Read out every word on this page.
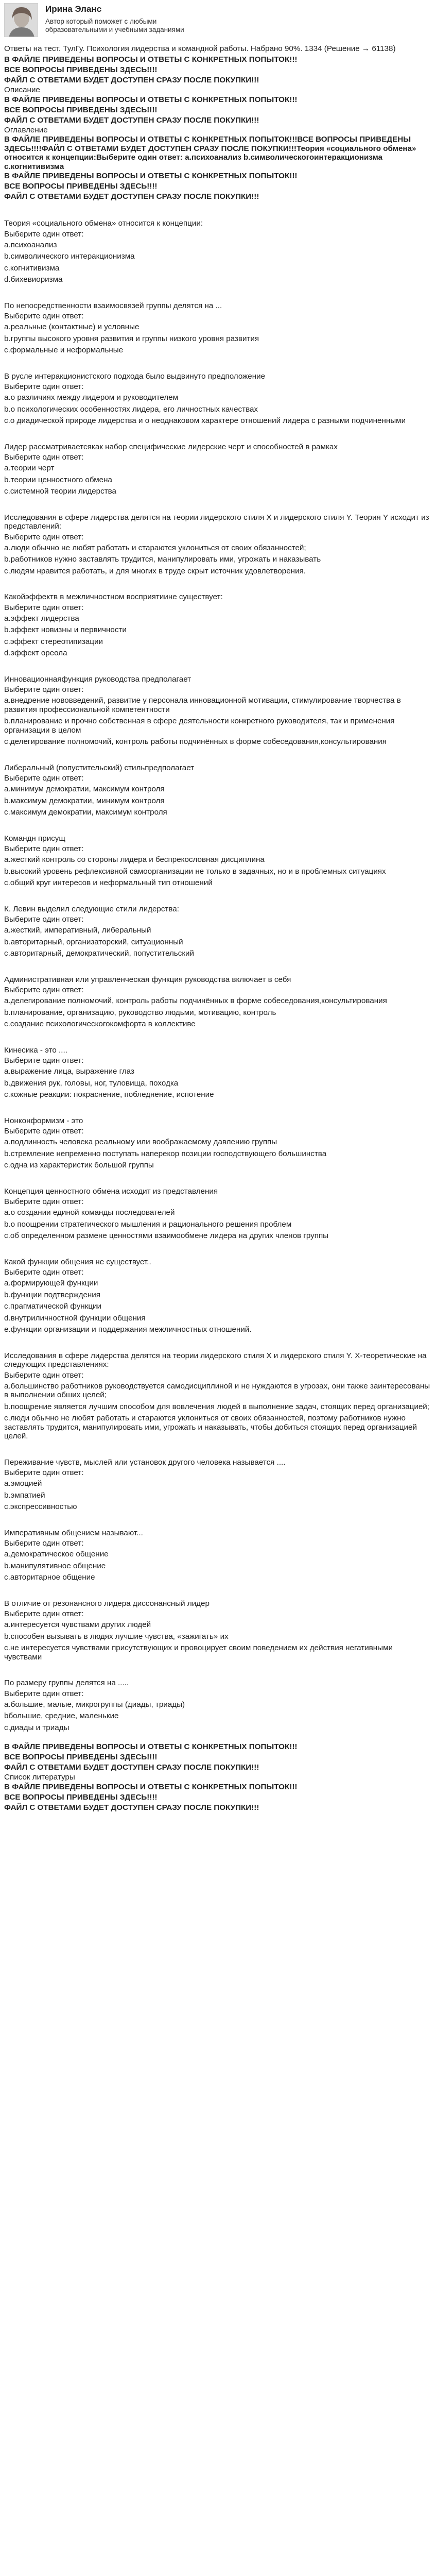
Ирина Эланс
Автор который поможет с любыми образовательными и учебными заданиями
Ответы на тест. ТулГу. Психология лидерства и командной работы. Набрано 90%. 1334 (Решение → 61138)
В ФАЙЛЕ ПРИВЕДЕНЫ ВОПРОСЫ И ОТВЕТЫ С КОНКРЕТНЫХ ПОПЫТОК!!!
ВСЕ ВОПРОСЫ ПРИВЕДЕНЫ ЗДЕСЬ!!!!
ФАЙЛ С ОТВЕТАМИ БУДЕТ ДОСТУПЕН СРАЗУ ПОСЛЕ ПОКУПКИ!!!
Описание
В ФАЙЛЕ ПРИВЕДЕНЫ ВОПРОСЫ И ОТВЕТЫ С КОНКРЕТНЫХ ПОПЫТОК!!!
ВСЕ ВОПРОСЫ ПРИВЕДЕНЫ ЗДЕСЬ!!!!
ФАЙЛ С ОТВЕТАМИ БУДЕТ ДОСТУПЕН СРАЗУ ПОСЛЕ ПОКУПКИ!!!
Оглавление
В ФАЙЛЕ ПРИВЕДЕНЫ ВОПРОСЫ И ОТВЕТЫ С КОНКРЕТНЫХ ПОПЫТОК!!!ВСЕ ВОПРОСЫ ПРИВЕДЕНЫ ЗДЕСЬ!!!!ФАЙЛ С ОТВЕТАМИ БУДЕТ ДОСТУПЕН СРАЗУ ПОСЛЕ ПОКУПКИ!!!Теория «социального обмена» относится к концепции:Выберите один ответ: a.психоанализ b.символическогоинтеракционизма c.когнитивизма
В ФАЙЛЕ ПРИВЕДЕНЫ ВОПРОСЫ И ОТВЕТЫ С КОНКРЕТНЫХ ПОПЫТОК!!!
ВСЕ ВОПРОСЫ ПРИВЕДЕНЫ ЗДЕСЬ!!!!
ФАЙЛ С ОТВЕТАМИ БУДЕТ ДОСТУПЕН СРАЗУ ПОСЛЕ ПОКУПКИ!!!
Теория «социального обмена» относится к концепции:
Выберите один ответ:
a.психоанализ
b.символического интеракционизма
c.когнитивизма
d.бихевиоризма
По непосредственности взаимосвязей группы делятся на ...
Выберите один ответ:
a.реальные (контактные) и условные
b.группы высокого уровня развития и группы низкого уровня развития
c.формальные и неформальные
В русле интеракционистского подхода было выдвинуто предположение
Выберите один ответ:
a.о различиях между лидером и руководителем
b.о психологических особенностях лидера, его личностных качествах
c.о диадической природе лидерства и о неоднаковом характере отношений лидера с разными подчиненными
Лидер рассматриваетсякак набор специфические лидерские черт и способностей в рамках
Выберите один ответ:
a.теории черт
b.теории ценностного обмена
c.системной теории лидерства
Исследования в сфере лидерства делятся на теории лидерского стиля X и лидерского стиля Y. Теория Y исходит из представлений:
Выберите один ответ:
a.люди обычно не любят работать и стараются уклониться от своих обязанностей;
b.работников нужно заставлять трудится, манипулировать ими, угрожать и наказывать
c.людям нравится работать, и для многих в труде скрыт источник удовлетворения.
Какойэффектв в межличностном восприятиинe существует:
Выберите один ответ:
a.эффект лидерства
b.эффект новизны и первичности
c.эффект стереотипизации
d.эффект ореола
Инновационнаяфункция руководства предполагает
Выберите один ответ:
a.внедрение нововведений, развитие у персонала инновационной мотивации, стимулирование творчества в развития профессиональной компетентности
b.планирование и прочно собственная в сфере деятельности конкретного руководителя, так и применения организации в целом
c.делегирование полномочий, контроль работы подчинённых в форме собеседования,консультирования
Либеральный (попустительский) стильпредполагает
Выберите один ответ:
a.минимум демократии, максимум контроля
b.максимум демократии, минимум контроля
c.максимум демократии, максимум контроля
Командн присущ
Выберите один ответ:
a.жесткий контроль со стороны лидера и беспрекословная дисциплина
b.высокий уровень рефлексивной самоорганизации не только в задачных, но и в проблемных ситуациях
c.общий круг интересов и неформальный тип отношений
К. Левин выделил следующие стили лидерства:
Выберите один ответ:
a.жесткий, императивный, либеральный
b.авторитарный, организаторский, ситуационный
c.авторитарный, демократический, попустительский
Административная или управленческая функция руководства включает в себя
Выберите один ответ:
a.делегирование полномочий, контроль работы подчинённых в форме собеседования,консультирования
b.планирование, организацию, руководство людьми, мотивацию, контроль
c.создание психологическогокомфорта в коллективе
Кинесика - это ....
Выберите один ответ:
a.выражение лица, выражение глаз
b.движения рук, головы, ног, туловища, походка
c.кожные реакции: покраснение, побледнение, испотение
Нонконформизм - это
Выберите один ответ:
a.подлинность человека реальному или воображаемому давлению группы
b.стремление непременно поступать наперекор позиции господствующего большинства
c.одна из характеристик большой группы
Концепция ценностного обмена исходит из представления
Выберите один ответ:
a.о создании единой команды последователей
b.о поощрении стратегического мышления и рационального решения проблем
c.об определенном размене ценностями взаимообмене лидера на других членов группы
Какой функции общения не существует..
Выберите один ответ:
a.формирующей функции
b.функции подтверждения
c.прагматической функции
d.внутриличностной функции общения
e.функции организации и поддержания межличностных отношений.
Исследования в сфере лидерства делятся на теории лидерского стиля X и лидерского стиля Y. X-теоретические на следующих представлениях:
Выберите один ответ:
a.большинство работников руководствуется самодисциплиной и не нуждаются в угрозах, они также заинтересованы в выполнении обших целей;
b.поощрение является лучшим способом для вовлечения людей в выполнение задач, стоящих перед организацией;
c.люди обычно не любят работать и стараются уклониться от своих обязанностей, поэтому работников нужно заставлять трудится, манипулировать ими, угрожать и наказывать, чтобы добиться стоящих перед организацией целей.
Переживание чувств, мыслей или установок другого человека называется ....
Выберите один ответ:
a.эмоцией
b.эмпатией
c.экспрессивностью
Императивным общением называют...
Выберите один ответ:
a.демократическое общение
b.манипулятивное общение
c.авторитарное общение
В отличие от резонансного лидера диссонансный лидер
Выберите один ответ:
a.интересуется чувствами других людей
b.способен вызывать в людях лучшие чувства, «зажигать» их
c.не интересуется чувствами присутствующих и провоцирует своим поведением их действия негативными чувствами
По размеру группы делятся на .....
Выберите один ответ:
a.большие, малые, микрогруппы (диады, триады)
bбольшие, средние, маленькие
с.диады и триады
В ФАЙЛЕ ПРИВЕДЕНЫ ВОПРОСЫ И ОТВЕТЫ С КОНКРЕТНЫХ ПОПЫТОК!!!
ВСЕ ВОПРОСЫ ПРИВЕДЕНЫ ЗДЕСЬ!!!!
ФАЙЛ С ОТВЕТАМИ БУДЕТ ДОСТУПЕН СРАЗУ ПОСЛЕ ПОКУПКИ!!!
Список литературы
В ФАЙЛЕ ПРИВЕДЕНЫ ВОПРОСЫ И ОТВЕТЫ С КОНКРЕТНЫХ ПОПЫТОК!!!
ВСЕ ВОПРОСЫ ПРИВЕДЕНЫ ЗДЕСЬ!!!!
ФАЙЛ С ОТВЕТАМИ БУДЕТ ДОСТУПЕН СРАЗУ ПОСЛЕ ПОКУПКИ!!!
